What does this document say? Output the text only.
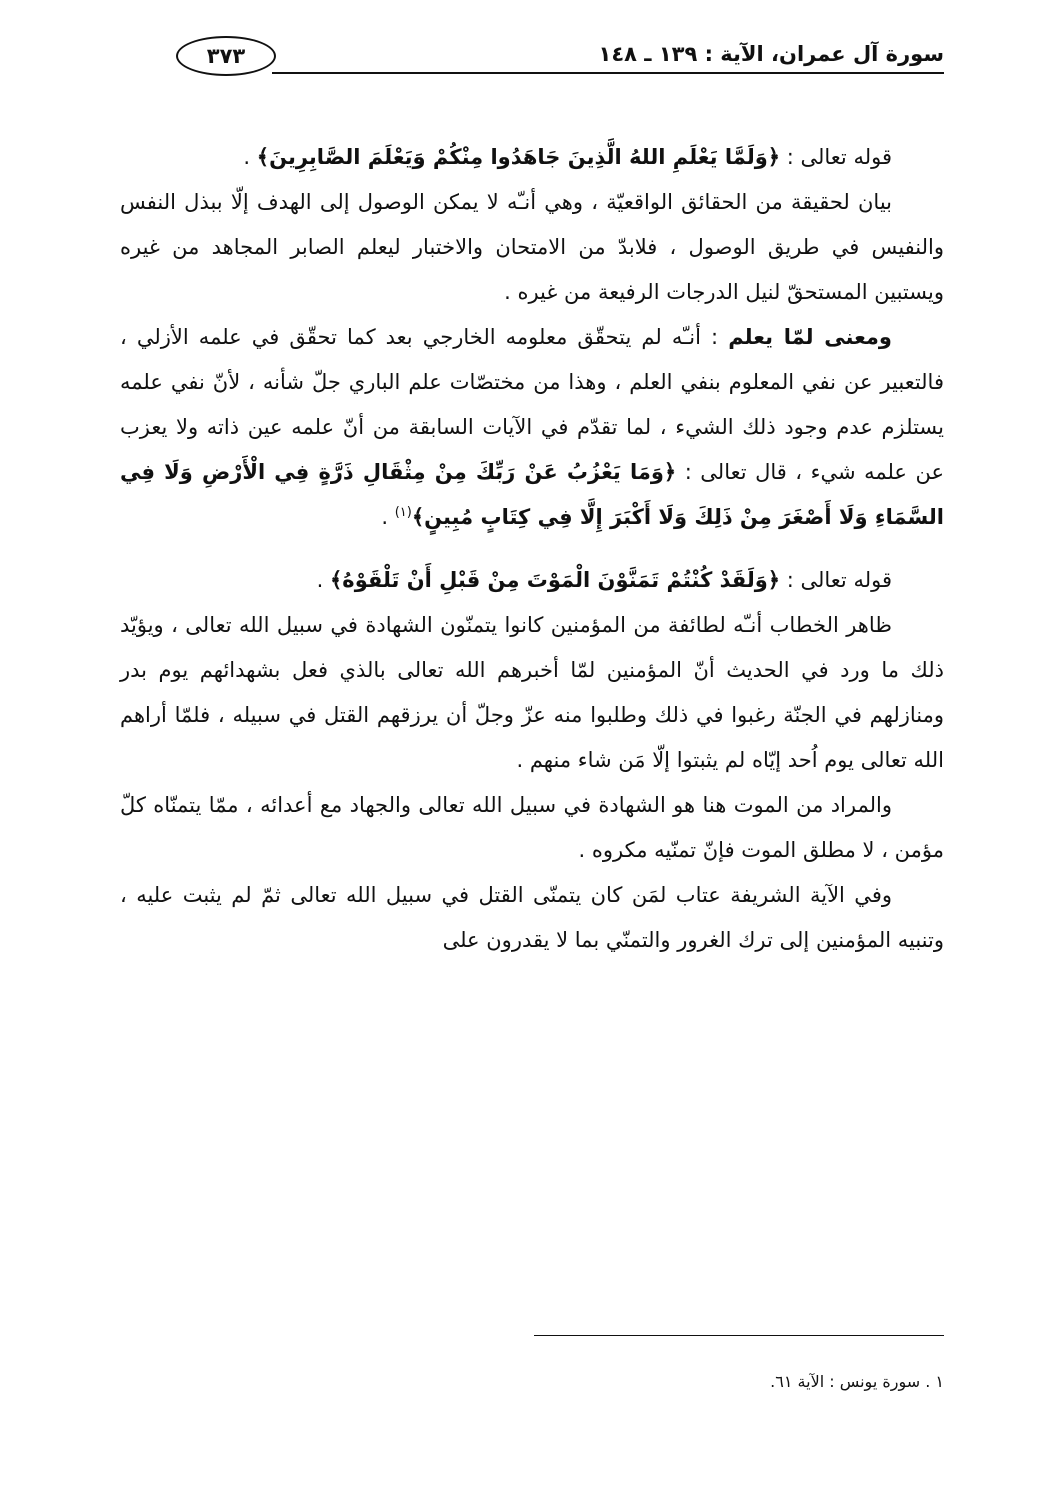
سورة آل عمران، الآية : ١٣٩ ـ ١٤٨
٣٧٣

قوله تعالى : ﴿وَلَمَّا يَعْلَمِ اللهُ الَّذِينَ جَاهَدُوا مِنْكُمْ وَيَعْلَمَ الصَّابِرِينَ﴾ .

بيان لحقيقة من الحقائق الواقعيّة ، وهي أنـّه لا يمكن الوصول إلى الهدف إلّا ببذل النفس والنفيس في طريق الوصول ، فلابدّ من الامتحان والاختبار ليعلم الصابر المجاهد من غيره ويستبين المستحقّ لنيل الدرجات الرفيعة من غيره .

ومعنى لمّا يعلم : أنـّه لم يتحقّق معلومه الخارجي بعد كما تحقّق في علمه الأزلي ، فالتعبير عن نفي المعلوم بنفي العلم ، وهذا من مختصّات علم الباري جلّ شأنه ، لأنّ نفي علمه يستلزم عدم وجود ذلك الشيء ، لما تقدّم في الآيات السابقة من أنّ علمه عين ذاته ولا يعزب عن علمه شيء ، قال تعالى : ﴿وَمَا يَعْزُبُ عَنْ رَبِّكَ مِنْ مِثْقَالِ ذَرَّةٍ فِي الْأَرْضِ وَلَا فِي السَّمَاءِ وَلَا أَصْغَرَ مِنْ ذَلِكَ وَلَا أَكْبَرَ إِلَّا فِي كِتَابٍ مُبِينٍ﴾$^{(١)}$ .

قوله تعالى : ﴿وَلَقَدْ كُنْتُمْ تَمَنَّوْنَ الْمَوْتَ مِنْ قَبْلِ أَنْ تَلْقَوْهُ﴾ .

ظاهر الخطاب أنـّه لطائفة من المؤمنين كانوا يتمنّون الشهادة في سبيل الله تعالى ، ويؤيّد ذلك ما ورد في الحديث أنّ المؤمنين لمّا أخبرهم الله تعالى بالذي فعل بشهدائهم يوم بدر ومنازلهم في الجنّة رغبوا في ذلك وطلبوا منه عزّ وجلّ أن يرزقهم القتل في سبيله ، فلمّا أراهم الله تعالى يوم اُحد إيّاه لم يثبتوا إلّا مَن شاء منهم .

والمراد من الموت هنا هو الشهادة في سبيل الله تعالى والجهاد مع أعدائه ، ممّا يتمنّاه كلّ مؤمن ، لا مطلق الموت فإنّ تمنّيه مكروه .

وفي الآية الشريفة عتاب لمَن كان يتمنّى القتل في سبيل الله تعالى ثمّ لم يثبت عليه ، وتنبيه المؤمنين إلى ترك الغرور والتمنّي بما لا يقدرون على

١ . سورة يونس : الآية ٦١.
